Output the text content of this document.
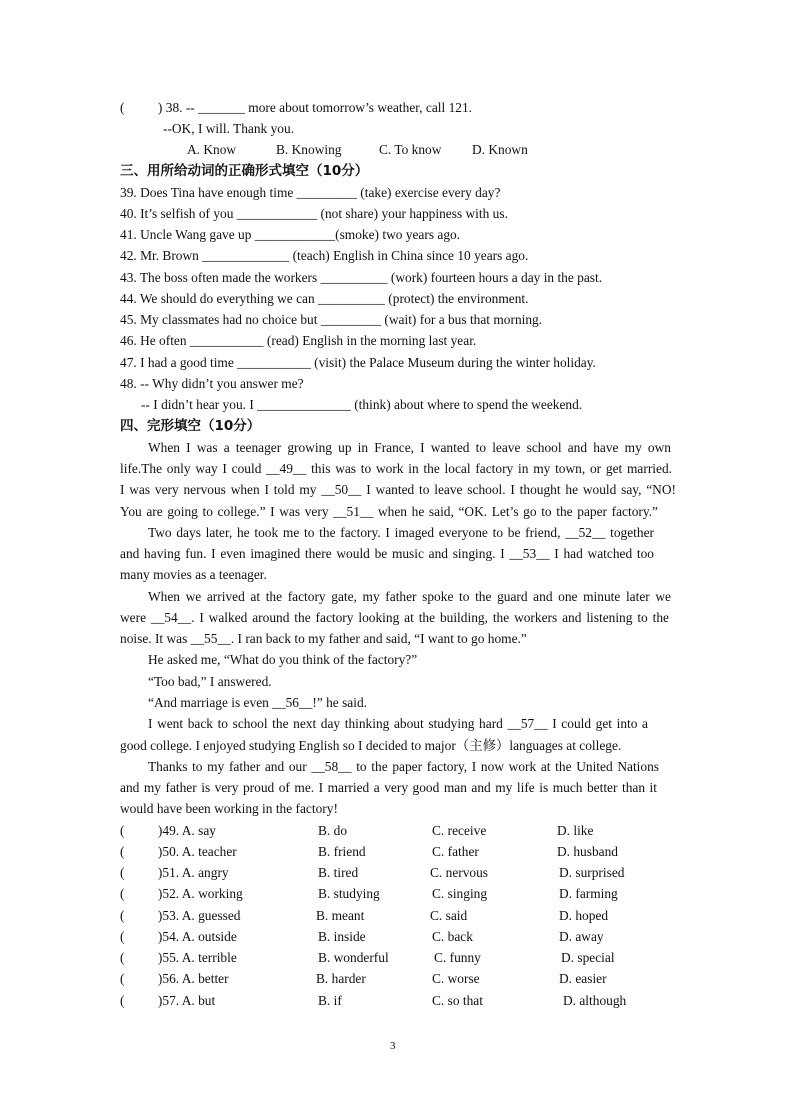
(          ) 38. -- _______ more about tomorrow’s weather, call 121.
--OK, I will. Thank you.
A. Know	B. Knowing	C. To know D. Known
三、用所给动词的正确形式填空（10分）
39. Does Tina have enough time _________ (take) exercise every day?
40. It’s selfish of you ____________ (not share) your happiness with us.
41. Uncle Wang gave up ____________(smoke) two years ago.
42. Mr. Brown _____________ (teach) English in China since 10 years ago.
43. The boss often made the workers __________ (work) fourteen hours a day in the past.
44. We should do everything we can __________ (protect) the environment.
45. My classmates had no choice but _________ (wait) for a bus that morning.
46. He often ___________ (read) English in the morning last year.
47. I had a good time ___________ (visit) the Palace Museum during the winter holiday.
48. -- Why didn’t you answer me?
-- I didn’t hear you. I ______________ (think) about where to spend the weekend.
四、完形填空（10分）
When I was a teenager growing up in France, I wanted to leave school and have my own
life.The only way I could __49__ this was to work in the local factory in my town, or get married.
I was very nervous when I told my __50__ I wanted to leave school. I thought he would say, “NO!
You are going to college.” I was very __51__ when he said, “OK. Let’s go to the paper factory.”
Two days later, he took me to the factory. I imaged everyone to be friend, __52__ together
and having fun. I even imagined there would be music and singing. I __53__ I had watched too
many movies as a teenager.
When we arrived at the factory gate, my father spoke to the guard and one minute later we
were __54__. I walked around the factory looking at the building, the workers and listening to the
noise. It was __55__. I ran back to my father and said, “I want to go home.”
He asked me, “What do you think of the factory?”
“Too bad,” I answered.
“And marriage is even __56__!” he said.
I went back to school the next day thinking about studying hard __57__ I could get into a
good college. I enjoyed studying English so I decided to major（主修）languages at college.
Thanks to my father and our __58__ to the paper factory, I now work at the United Nations
and my father is very proud of me. I married a very good man and my life is much better than it
would have been working in the factory!
(          )49. A. say	B. do	C. receive	D. like
(          )50. A. teacher	B. friend	C. father	D. husband
(          )51. A. angry	B. tired	C. nervous	D. surprised
(          )52. A. working	B. studying	C. singing	D. farming
(          )53. A. guessed	B. meant	C. said	D. hoped
(          )54. A. outside	B. inside	C. back	D. away
(          )55. A. terrible	B. wonderful	C. funny	D. special
(          )56. A. better	B. harder	C. worse	D. easier
(          )57. A. but	B. if	C. so that	D. although
3
